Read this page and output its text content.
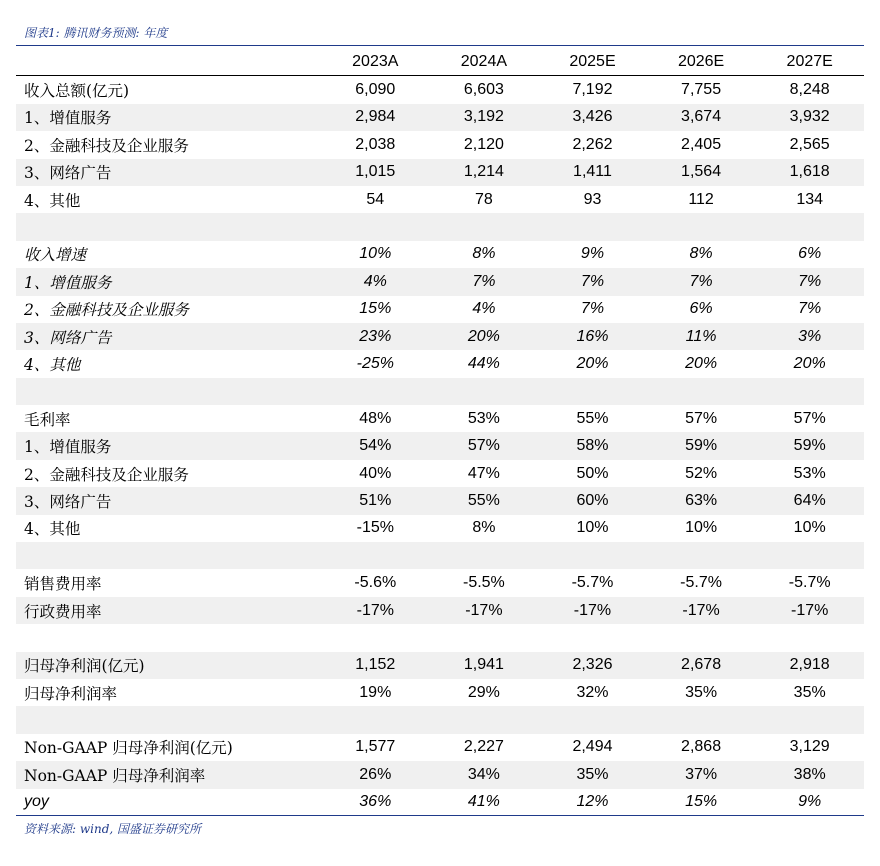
图表1: 腾讯财务预测: 年度
	2023A	2024A	2025E	2026E	2027E
收入总额(亿元)	6,090	6,603	7,192	7,755	8,248
1、增值服务	2,984	3,192	3,426	3,674	3,932
2、金融科技及企业服务	2,038	2,120	2,262	2,405	2,565
3、网络广告	1,015	1,214	1,411	1,564	1,618
4、其他	54	78	93	112	134

收入增速	10%	8%	9%	8%	6%
1、增值服务	4%	7%	7%	7%	7%
2、金融科技及企业服务	15%	4%	7%	6%	7%
3、网络广告	23%	20%	16%	11%	3%
4、其他	-25%	44%	20%	20%	20%

毛利率	48%	53%	55%	57%	57%
1、增值服务	54%	57%	58%	59%	59%
2、金融科技及企业服务	40%	47%	50%	52%	53%
3、网络广告	51%	55%	60%	63%	64%
4、其他	-15%	8%	10%	10%	10%

销售费用率	-5.6%	-5.5%	-5.7%	-5.7%	-5.7%
行政费用率	-17%	-17%	-17%	-17%	-17%

归母净利润(亿元)	1,152	1,941	2,326	2,678	2,918
归母净利润率	19%	29%	32%	35%	35%

Non-GAAP 归母净利润(亿元)	1,577	2,227	2,494	2,868	3,129
Non-GAAP 归母净利润率	26%	34%	35%	37%	38%
yoy	36%	41%	12%	15%	9%
资料来源: wind, 国盛证券研究所
